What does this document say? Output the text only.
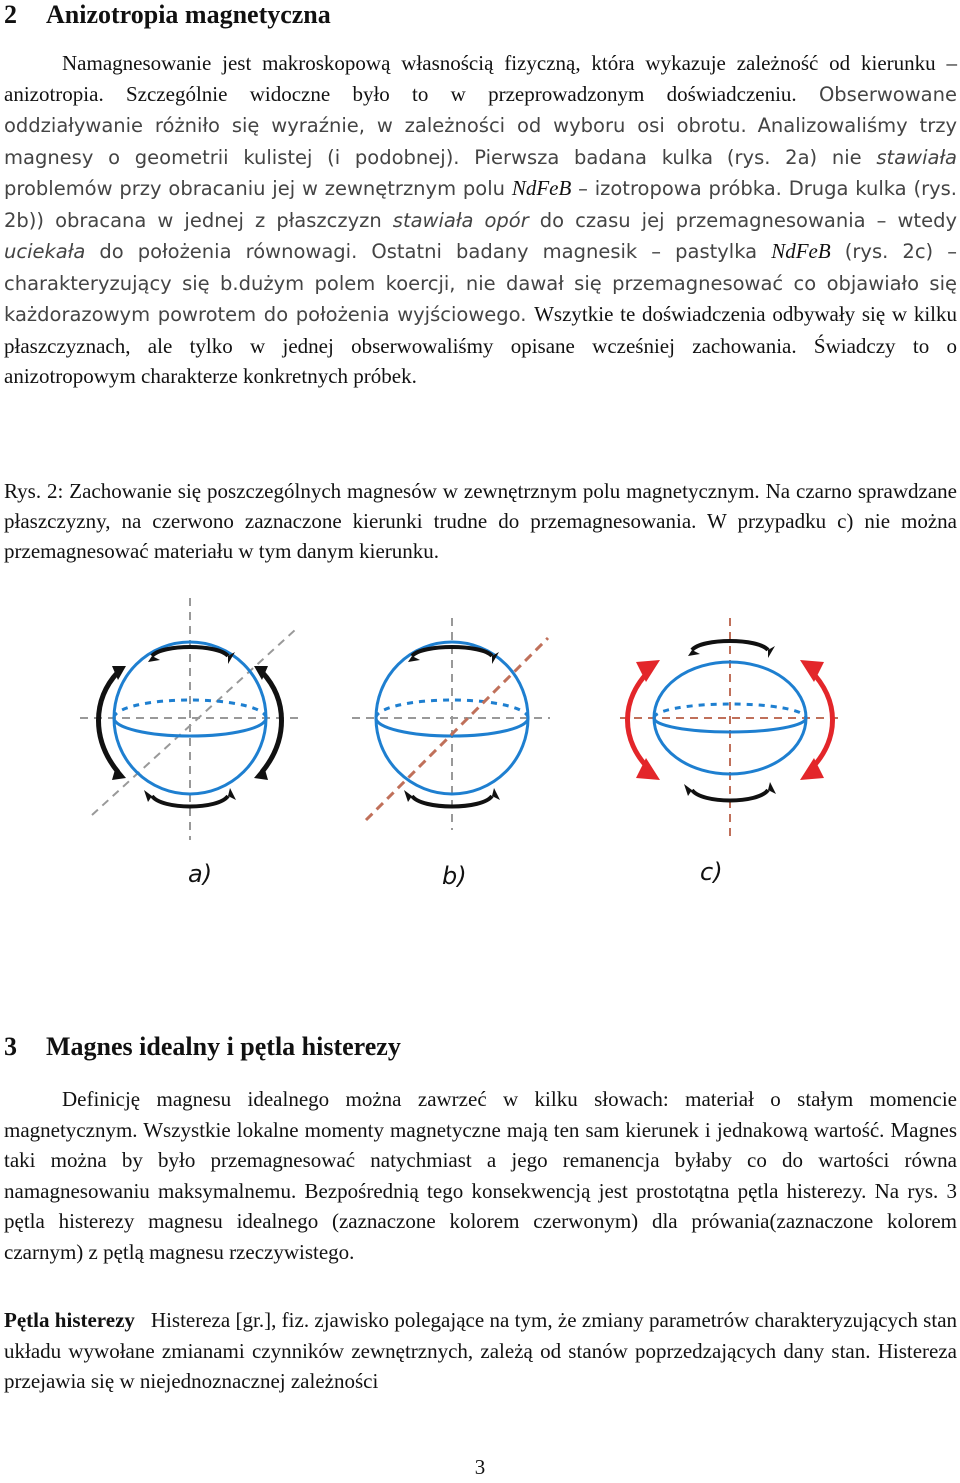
2 Anizotropia magnetyczna

Namagnesowanie jest makroskopową własnością fizyczną, która wykazuje zależność od kierunku – anizotropia. Szczególnie widoczne było to w przeprowadzonym doświadczeniu. Obserwowane oddziaływanie różniło się wyraźnie, w zależności od wyboru osi obrotu. Analizowaliśmy trzy magnesy o geometrii kulistej (i podobnej). Pierwsza badana kulka (rys. 2a) nie stawiała problemów przy obracaniu jej w zewnętrznym polu NdFeB – izotropowa próbka. Druga kulka (rys. 2b)) obracana w jednej z płaszczyzn stawiała opór do czasu jej przemagnesowania – wtedy uciekała do położenia równowagi. Ostatni badany magnesik – pastylka NdFeB (rys. 2c) – charakteryzujący się b.dużym polem koercji, nie dawał się przemagnesować co objawiało się każdorazowym powrotem do położenia wyjściowego. Wszytkie te doświadczenia odbywały się w kilku płaszczyznach, ale tylko w jednej obserwowaliśmy opisane wcześniej zachowania. Świadczy to o anizotropowym charakterze konkretnych próbek.

Rys. 2: Zachowanie się poszczególnych magnesów w zewnętrznym polu magnetycznym. Na czarno sprawdzane płaszczyzny, na czerwono zaznaczone kierunki trudne do przemagnesowania. W przypadku c) nie można przemagnesować materiału w tym danym kierunku.

a)	b)	c)
3 Magnes idealny i pętla histerezy

Definicję magnesu idealnego można zawrzeć w kilku słowach: materiał o stałym momencie magnetycznym. Wszystkie lokalne momenty magnetyczne mają ten sam kierunek i jednakową wartość. Magnes taki można by było przemagnesować natychmiast a jego remanencja byłaby co do wartości równa namagnesowaniu maksymalnemu. Bezpośrednią tego konsekwencją jest prostotątna pętla histerezy. Na rys. 3 pętla histerezy magnesu idealnego (zaznaczone kolorem czerwonym) dla prówania(zaznaczone kolorem czarnym) z pętlą magnesu rzeczywistego.

Pętla histerezy Histereza [gr.], fiz. zjawisko polegające na tym, że zmiany parametrów charakteryzujących stan układu wywołane zmianami czynników zewnętrznych, zależą od stanów poprzedzających dany stan. Histereza przejawia się w niejednoznacznej zależności

3
